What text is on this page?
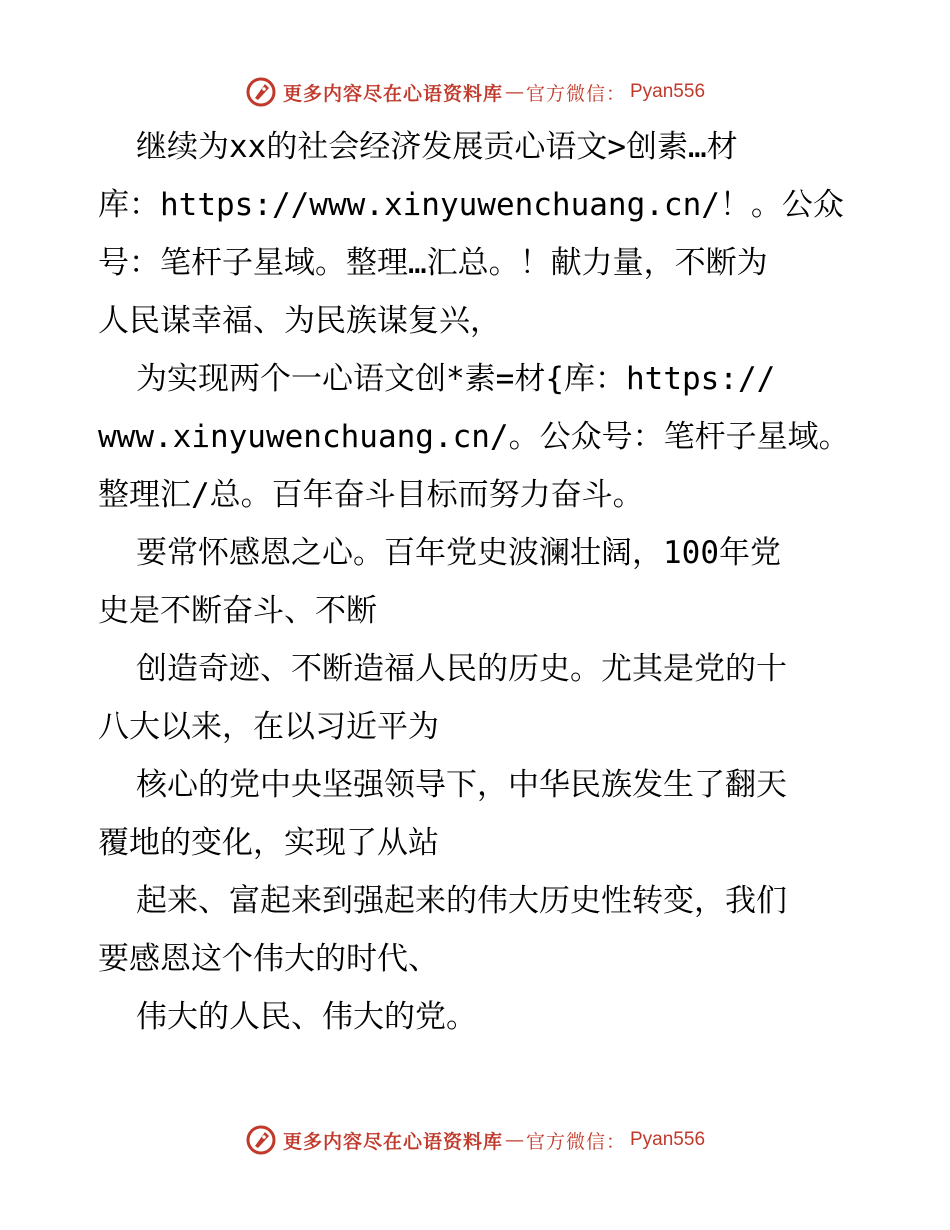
更多内容尽在心语资料库 — 官方微信： Pyan556
继续为xx的社会经济发展贡心语文>创素…材
库：https://www.xinyuwenchuang.cn/！。公众
号：笔杆子星域。整理…汇总。！献力量，不断为
人民谋幸福、为民族谋复兴，
为实现两个一心语文创*素=材{库：https://
www.xinyuwenchuang.cn/。公众号：笔杆子星域。
整理汇/总。百年奋斗目标而努力奋斗。
要常怀感恩之心。百年党史波澜壮阔，100年党
史是不断奋斗、不断
创造奇迹、不断造福人民的历史。尤其是党的十
八大以来，在以习近平为
核心的党中央坚强领导下，中华民族发生了翻天
覆地的变化，实现了从站
起来、富起来到强起来的伟大历史性转变，我们
要感恩这个伟大的时代、
伟大的人民、伟大的党。
更多内容尽在心语资料库 — 官方微信： Pyan556
